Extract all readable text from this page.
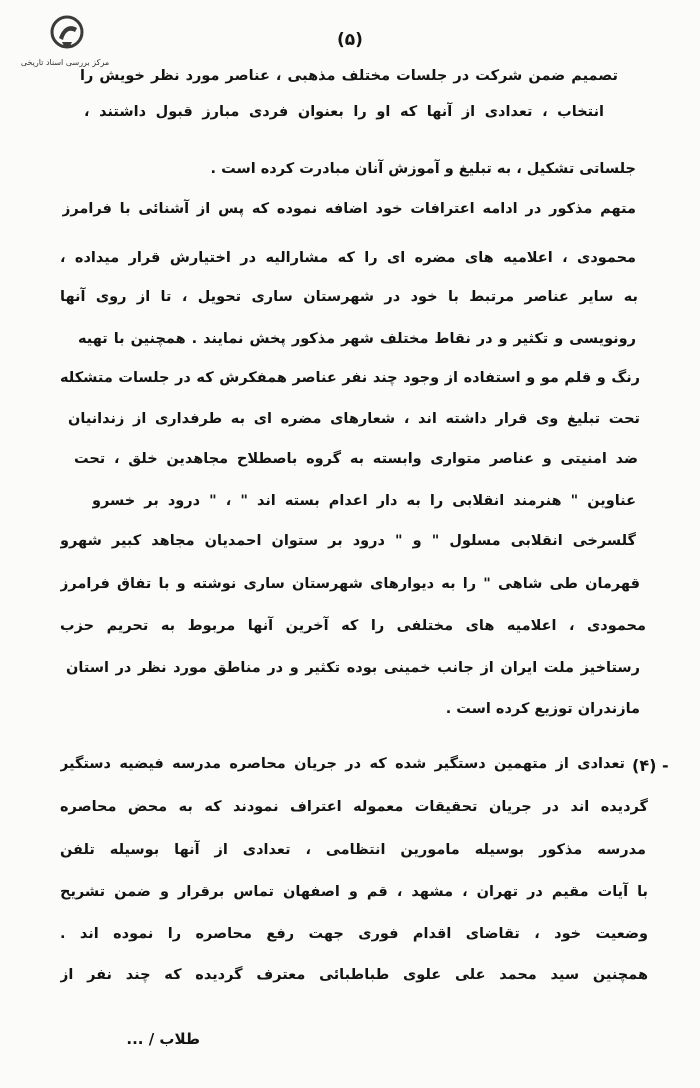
مرکز بررسی اسناد تاریخی
(۵)
تصمیم ضمن شرکت در جلسات مختلف مذهبی ، عناصر مورد نظر خویش را
انتخاب ، تعدادی از آنها که او را بعنوان فردی مبارز قبول داشتند ،
جلساتی تشکیل ، به تبلیغ و آموزش آنان مبادرت کرده است .
متهم مذکور در ادامه اعترافات خود اضافه نموده که پس از آشنائی با فرامرز
محمودی ، اعلامیه های مضره ای را که مشارالیه در اختیارش قرار میداده ،
به سایر عناصر مرتبط با خود در شهرستان ساری تحویل ، تا از روی آنها
رونویسی و تکثیر و در نقاط مختلف شهر مذکور پخش نمایند . همچنین با تهیه
رنگ و قلم مو و استفاده از وجود چند نفر عناصر همفکرش که در جلسات متشکله
تحت تبلیغ وی قرار داشته اند ، شعارهای مضره ای به طرفداری از زندانیان
ضد امنیتی و عناصر متواری وابسته به گروه باصطلاح مجاهدین خلق ، تحت
عناوین " هنرمند انقلابی را به دار اعدام بسته اند " ، " درود بر خسرو
گلسرخی انقلابی مسلول " و " درود بر ستوان احمدیان مجاهد کبیر شهرو
قهرمان طی شاهی " را به دیوارهای شهرستان ساری نوشته و با تفاق فرامرز
محمودی ، اعلامیه های مختلفی را که آخرین آنها مربوط به تحریم حزب
رستاخیز ملت ایران از جانب خمینی بوده تکثیر و در مناطق مورد نظر در استان
مازندران توزیع کرده است .
(۴) -
تعدادی از متهمین دستگیر شده که در جریان محاصره مدرسه فیضیه دستگیر
گردیده اند در جریان تحقیقات معموله اعتراف نمودند که به محض محاصره
مدرسه مذکور بوسیله مامورین انتظامی ، تعدادی از آنها بوسیله تلفن
با آیات مقیم در تهران ، مشهد ، قم و اصفهان تماس برقرار و ضمن تشریح
وضعیت خود ، تقاضای اقدام فوری جهت رفع محاصره را نموده اند .
همچنین سید محمد علی علوی طباطبائی معترف گردیده که چند نفر از
طلاب / ...
